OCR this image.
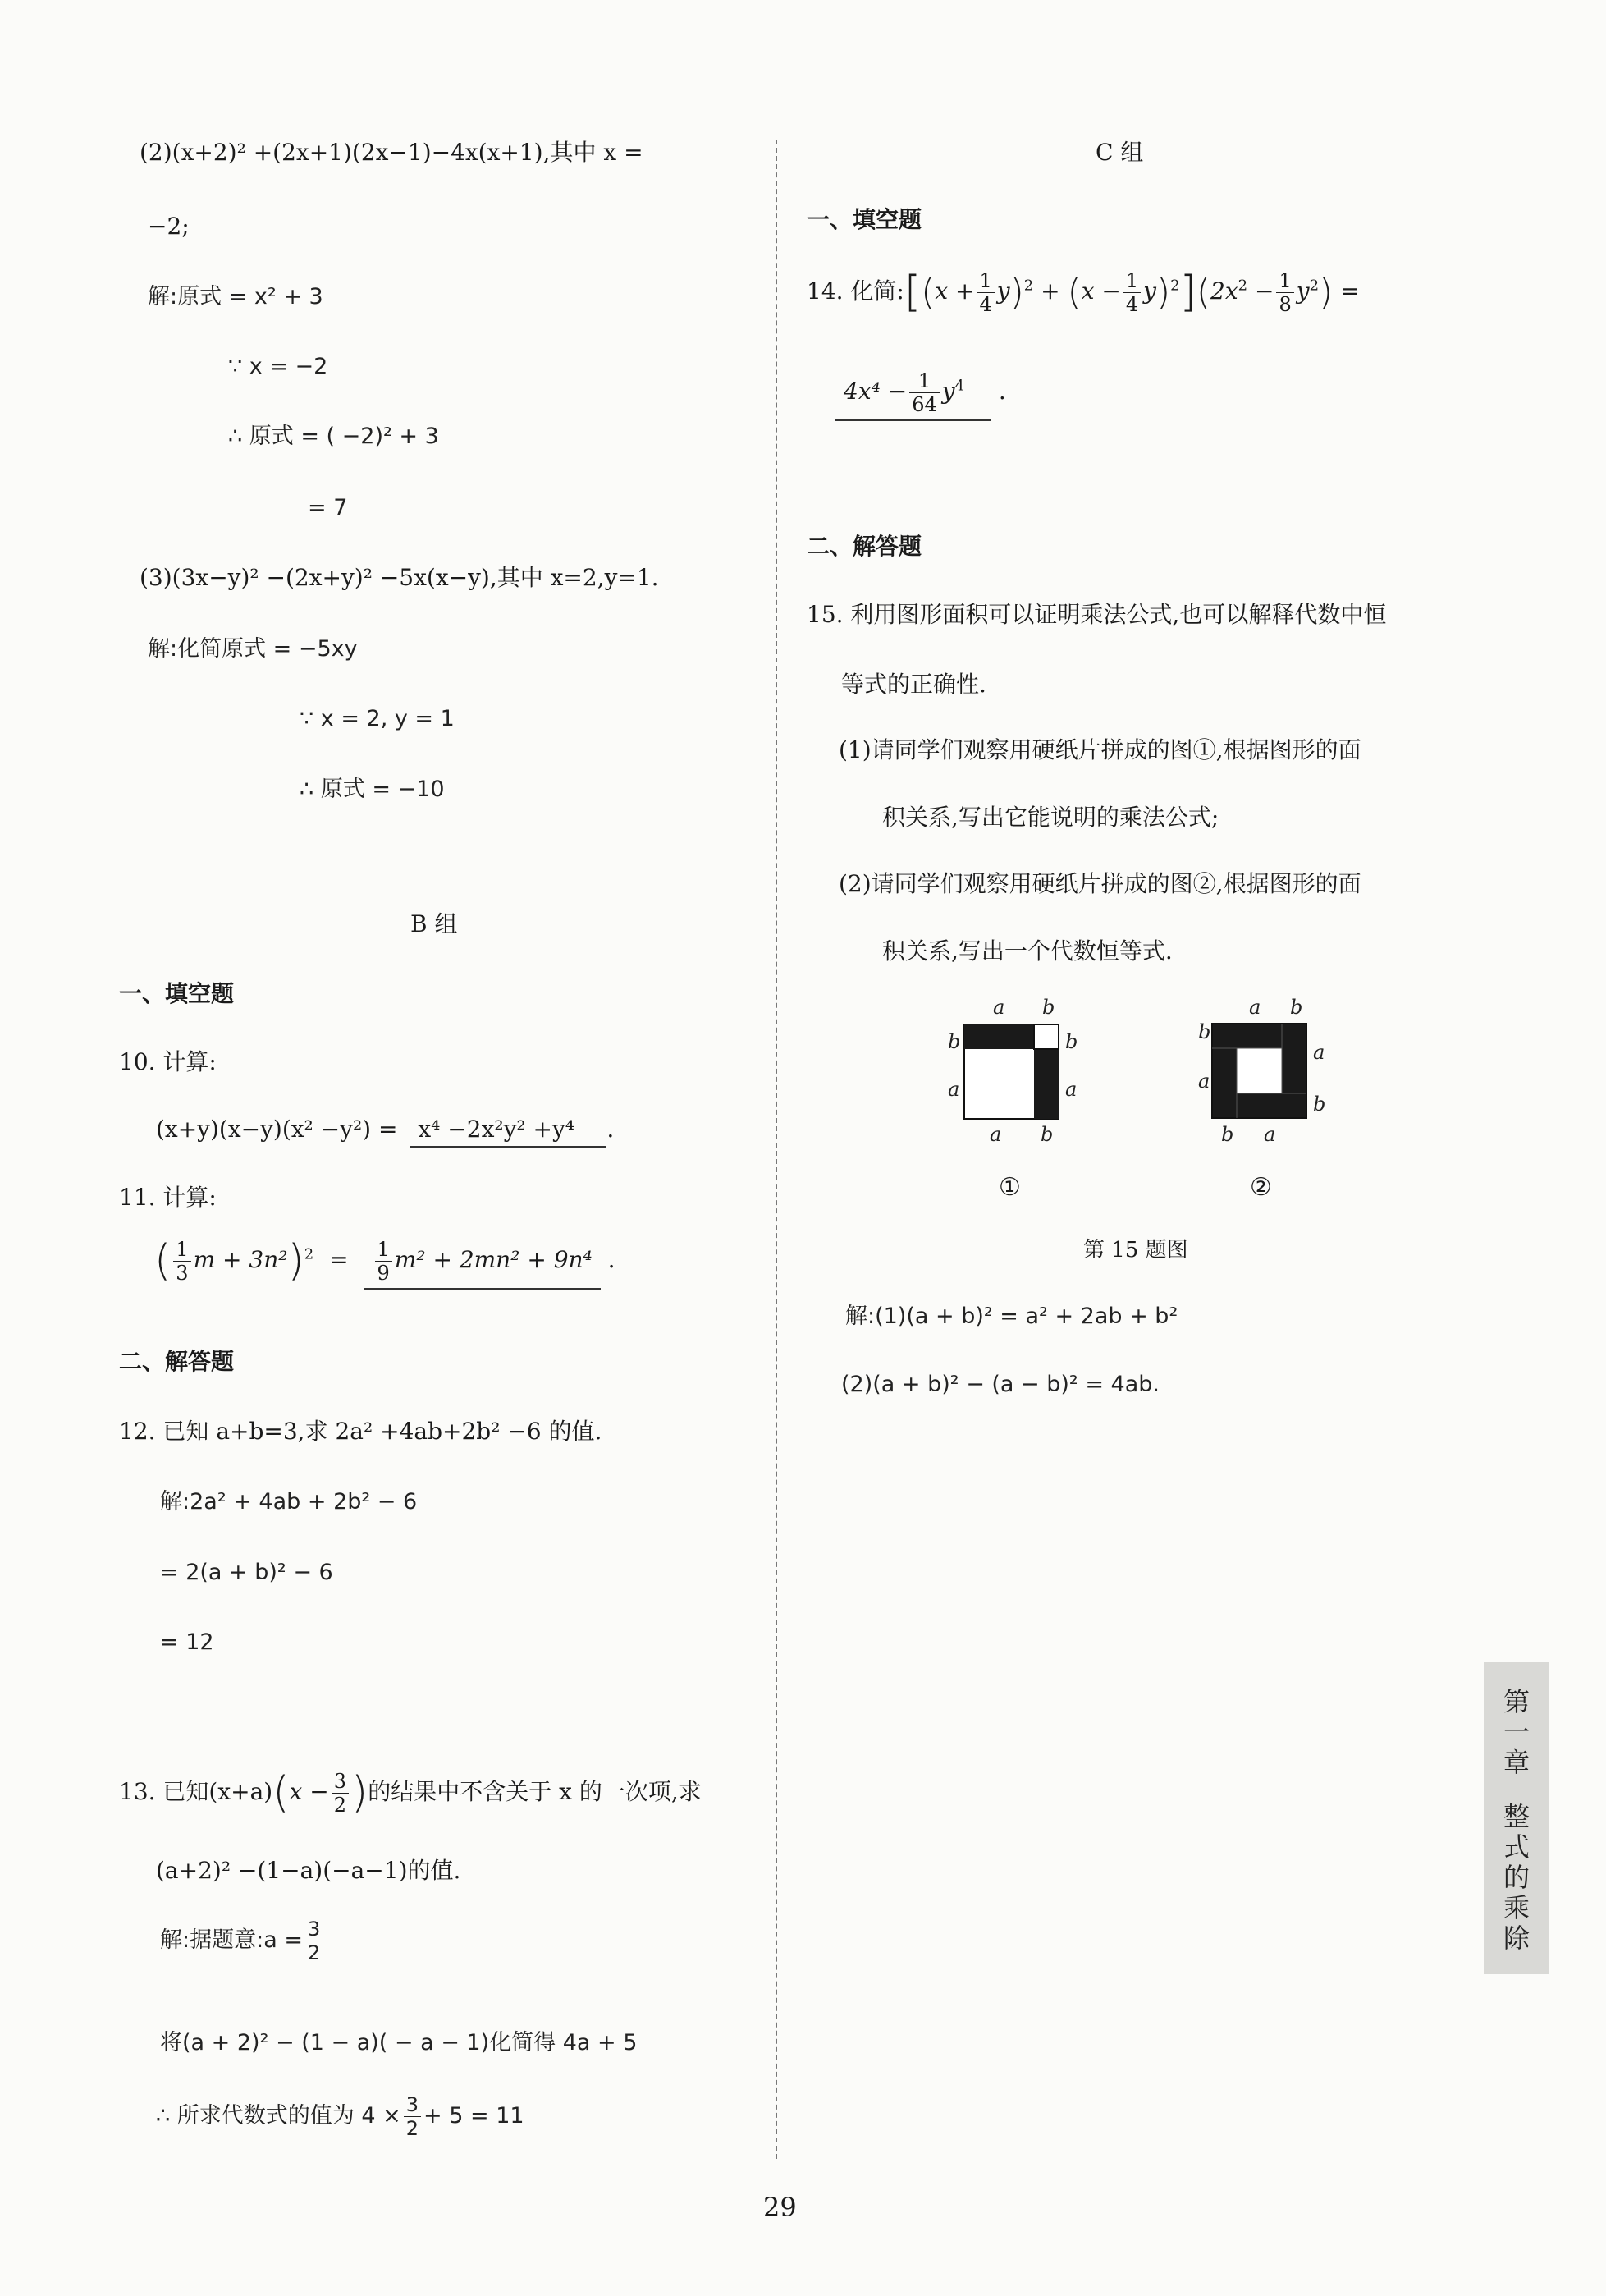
(2)(x+2)² +(2x+1)(2x−1)−4x(x+1),其中 x =
−2;
解:原式 = x² + 3
∵ x = −2
∴ 原式 = ( −2)² + 3
= 7
(3)(3x−y)² −(2x+y)² −5x(x−y),其中 x=2,y=1.
解:化简原式 = −5xy
∵ x = 2, y = 1
∴ 原式 = −10
B 组
一、填空题
10. 计算:
(x+y)(x−y)(x² −y²) = x⁴ −2x²y² +y⁴ .
11. 计算:
( $\frac{1}{3}$ $m + 3n^2)^2 = \frac{1}{9} m^2 + 2mn^2 + 9n^4$ .
二、解答题
12. 已知 a+b=3,求 2a² +4ab+2b² −6 的值.
解:2a² + 4ab + 2b² − 6
= 2(a + b)² − 6
= 12
13. 已知$(x+a)(x - \frac{3}{2}$ )的结果中不含关于 x 的一次项,求
(a+2)² −(1−a)(−a−1)的值.
解:据题意:a = $\frac{3}{2}$
将(a + 2)² − (1 − a)( − a − 1)化简得 4a + 5
∴ 所求代数式的值为 $4 \times \frac{3}{2} + 5 = 11$
C 组
一、填空题
14. 化简:[(x + $\frac{1}{4} y)^2 + (x - \frac{1}{4} y)^2](2x^2 - \frac{1}{8} y^2)$ =
$4x^4 - \frac{1}{64} y^4$ .
二、解答题
15. 利用图形面积可以证明乘法公式,也可以解释代数中恒
等式的正确性.
(1)请同学们观察用硬纸片拼成的图①,根据图形的面
积关系,写出它能说明的乘法公式;
(2)请同学们观察用硬纸片拼成的图②,根据图形的面
积关系,写出一个代数恒等式.
a b
b
a
b
a
a b
a b
b
a
a
b
b a
①	②
第 15 题图
解:(1)(a + b)² = a² + 2ab + b²
(2)(a + b)² − (a − b)² = 4ab.
29
第
一
章
整
式
的
乘
除
